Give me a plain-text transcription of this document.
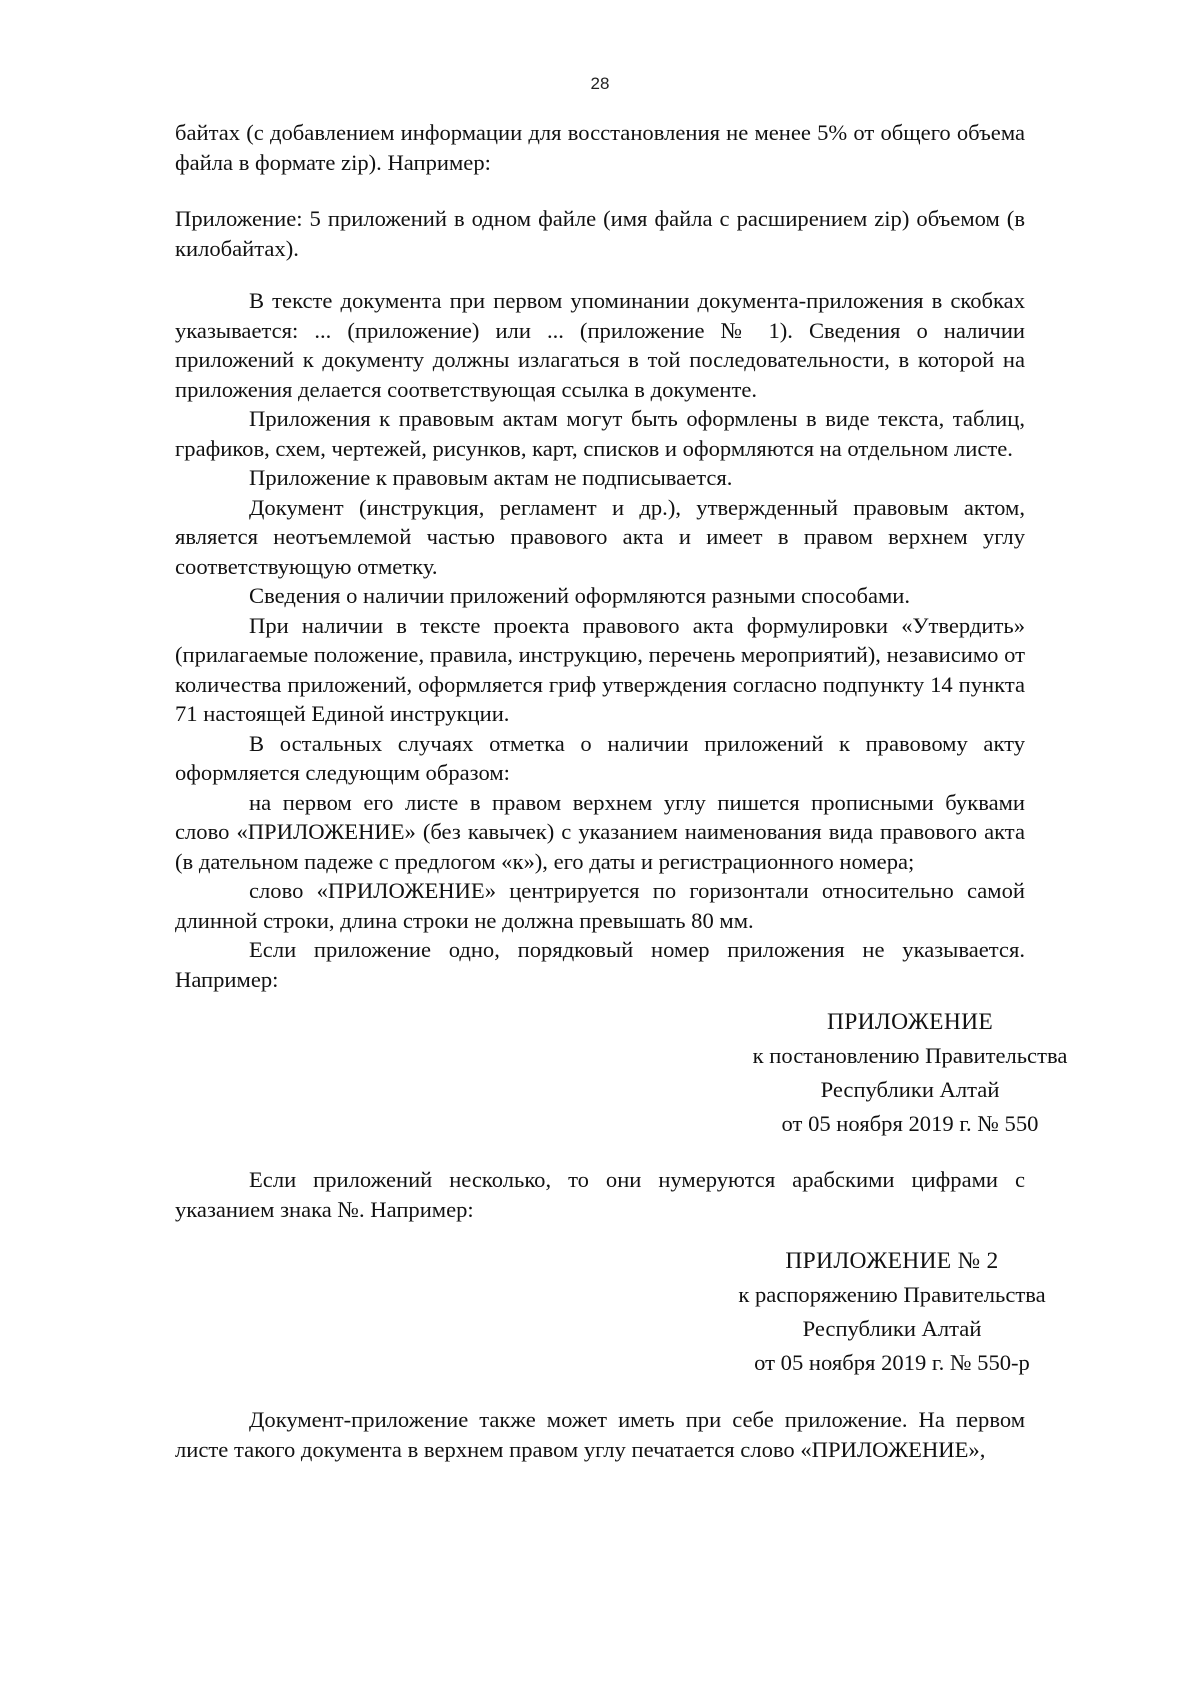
28

байтах (с добавлением информации для восстановления не менее 5% от общего объема файла в формате zip). Например:

Приложение: 5 приложений в одном файле (имя файла с расширением zip) объемом (в килобайтах).

В тексте документа при первом упоминании документа-приложения в скобках указывается: ... (приложение) или ... (приложение № 1). Сведения о наличии приложений к документу должны излагаться в той последовательности, в которой на приложения делается соответствующая ссылка в документе.

Приложения к правовым актам могут быть оформлены в виде текста, таблиц, графиков, схем, чертежей, рисунков, карт, списков и оформляются на отдельном листе.

Приложение к правовым актам не подписывается.

Документ (инструкция, регламент и др.), утвержденный правовым актом, является неотъемлемой частью правового акта и имеет в правом верхнем углу соответствующую отметку.

Сведения о наличии приложений оформляются разными способами.

При наличии в тексте проекта правового акта формулировки «Утвердить» (прилагаемые положение, правила, инструкцию, перечень мероприятий), независимо от количества приложений, оформляется гриф утверждения согласно подпункту 14 пункта 71 настоящей Единой инструкции.

В остальных случаях отметка о наличии приложений к правовому акту оформляется следующим образом:

на первом его листе в правом верхнем углу пишется прописными буквами слово «ПРИЛОЖЕНИЕ» (без кавычек) с указанием наименования вида правового акта (в дательном падеже с предлогом «к»), его даты и регистрационного номера;

слово «ПРИЛОЖЕНИЕ» центрируется по горизонтали относительно самой длинной строки, длина строки не должна превышать 80 мм.

Если приложение одно, порядковый номер приложения не указывается. Например:

ПРИЛОЖЕНИЕ
к постановлению Правительства
Республики Алтай
от 05 ноября 2019 г. № 550

Если приложений несколько, то они нумеруются арабскими цифрами с указанием знака №. Например:

ПРИЛОЖЕНИЕ № 2
к распоряжению Правительства
Республики Алтай
от 05 ноября 2019 г. № 550-р

Документ-приложение также может иметь при себе приложение. На первом листе такого документа в верхнем правом углу печатается слово «ПРИЛОЖЕНИЕ»,
